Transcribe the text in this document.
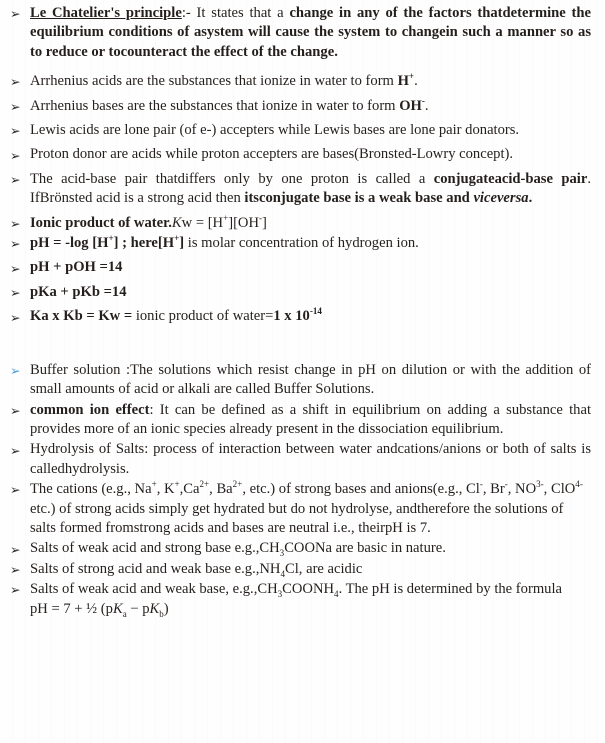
➢ Le Chatelier's principle:- It states that a change in any of the factors thatdetermine the equilibrium conditions of asystem will cause the system to changein such a manner so as to reduce or tocounteract the effect of the change.
➢ Arrhenius acids are the substances that ionize in water to form H+.
➢ Arrhenius bases are the substances that ionize in water to form OH-.
➢ Lewis acids are lone pair (of e-) accepters while Lewis bases are lone pair donators.
➢ Proton donor are acids while proton accepters are bases(Bronsted-Lowry concept).
➢ The acid-base pair thatdiffers only by one proton is called a conjugateacid-base pair. IfBrönsted acid is a strong acid then itsconjugate base is a weak base and viceversa.
➢ Ionic product of water.Kw = [H+][OH-]
➢ pH = -log [H+] ; here[H+] is molar concentration of hydrogen ion.
➢ pH + pOH =14
➢ pKa + pKb =14
➢ Ka x Kb = Kw = ionic product of water=1 x $10^{-14}$
➢ Buffer solution :The solutions which resist change in pH on dilution or with the addition of small amounts of acid or alkali are called Buffer Solutions.
➢ common ion effect: It can be defined as a shift in equilibrium on adding a substance that provides more of an ionic species already present in the dissociation equilibrium.
➢ Hydrolysis of Salts: process of interaction between water andcations/anions or both of salts is calledhydrolysis.
➢ The cations (e.g., Na+, $K^+,Ca^{2+}$, $Ba^{2+}$, etc.) of strong bases and anions(e.g., Cl-, Br-, $NO^{3-}$, ClO$^{4-}$ etc.) of strong acids simply get hydrated but do not hydrolyse, andtherefore the solutions of salts formed fromstrong acids and bases are neutral i.e., theirpH is 7.
➢ Salts of weak acid and strong base $e.g.,CH_3COONa$ are basic in nature.
➢ Salts of strong acid and weak base $e.g.,NH_4Cl$, are acidic
➢ Salts of weak acid and weak base, $e.g.,CH_3COONH_4$. The pH is determined by the formulapH = 7 + ½ $(pK_a - pK_b)$
